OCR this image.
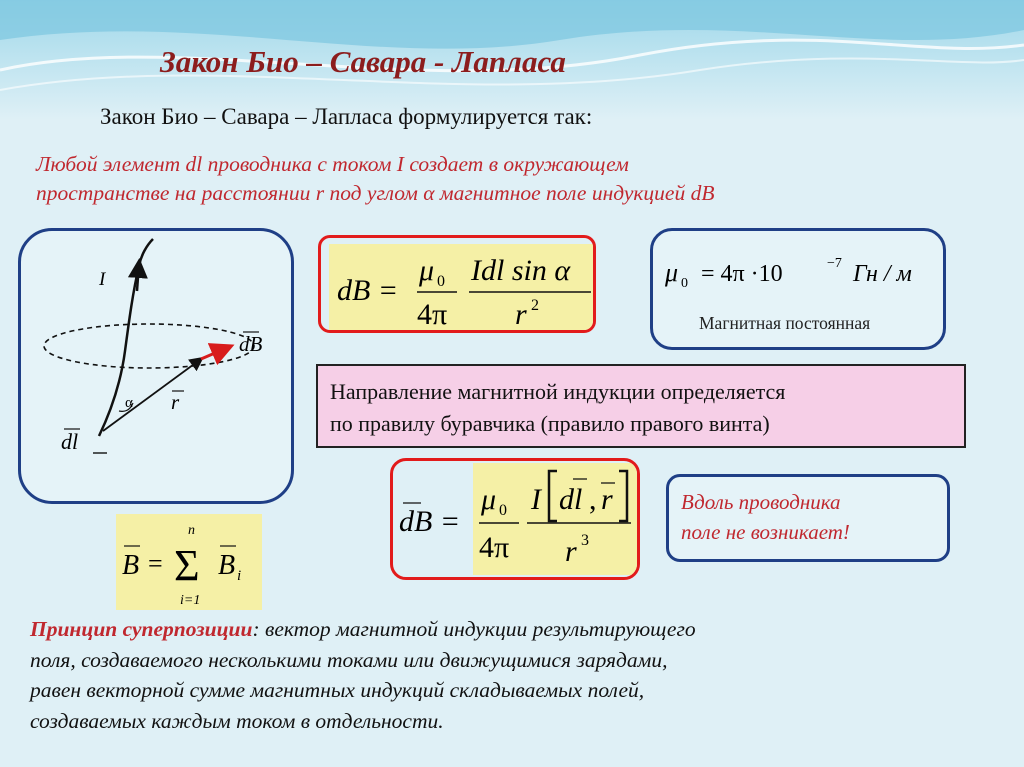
Закон Био – Савара - Лапласа
Закон Био – Савара – Лапласа формулируется так:
Любой элемент dl проводника с током I создает в окружающем
пространстве на расстоянии r под углом α магнитное поле индукцией dB
I
dB
r
α
dl
dB =
μ 0
4π
Idl sin α
r 2
μ 0 = 4π ·10	−7 Гн / м
Магнитная постоянная
Направление магнитной индукции определяется
по правилу буравчика (правило правого винта)
dB =
μ 0
4π
I dl , r
r 3
Вдоль проводника
поле не возникает!
B = Σ
n
i=1
B i
Принцип суперпозиции: вектор магнитной индукции результирующего
поля, создаваемого несколькими токами или движущимися зарядами,
равен векторной сумме магнитных индукций складываемых полей,
создаваемых каждым током в отдельности.
